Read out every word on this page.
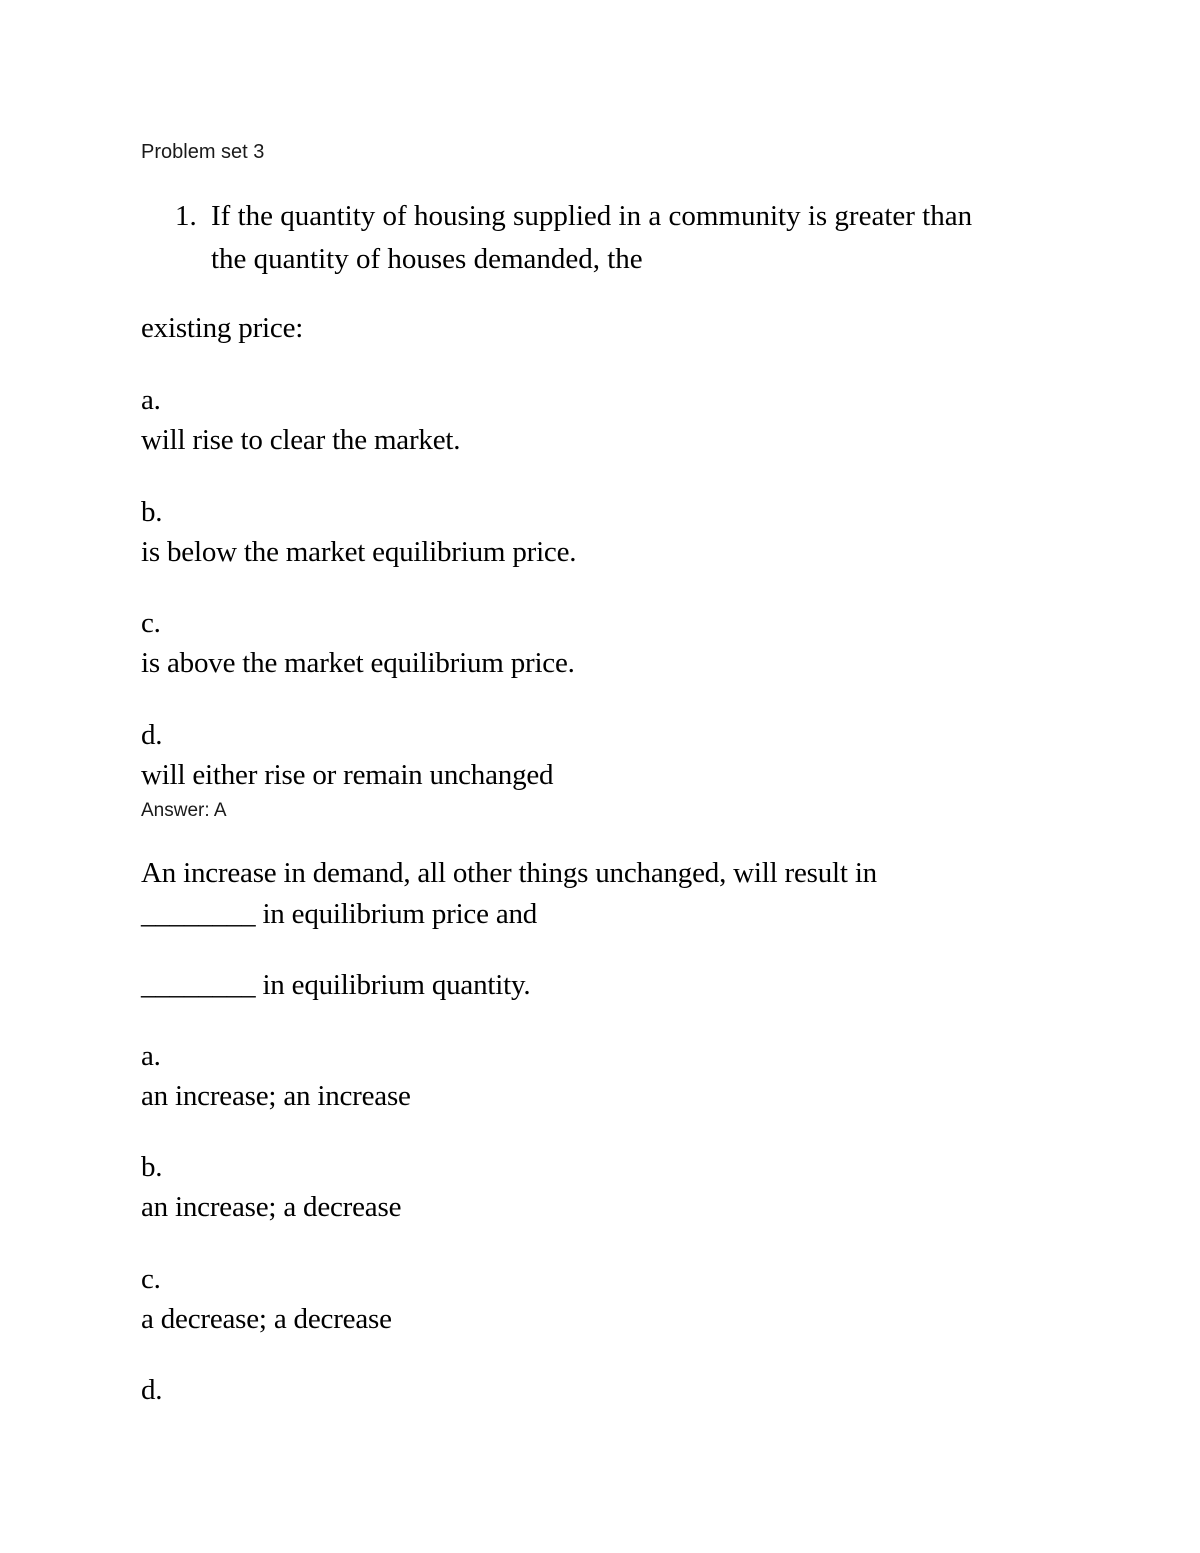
Problem set 3
1. If the quantity of housing supplied in a community is greater than
the quantity of houses demanded, the
existing price:
a.
will rise to clear the market.
b.
is below the market equilibrium price.
c.
is above the market equilibrium price.
d.
will either rise or remain unchanged
Answer: A
An increase in demand, all other things unchanged, will result in
________ in equilibrium price and
________ in equilibrium quantity.
a.
an increase; an increase
b.
an increase; a decrease
c.
a decrease; a decrease
d.
